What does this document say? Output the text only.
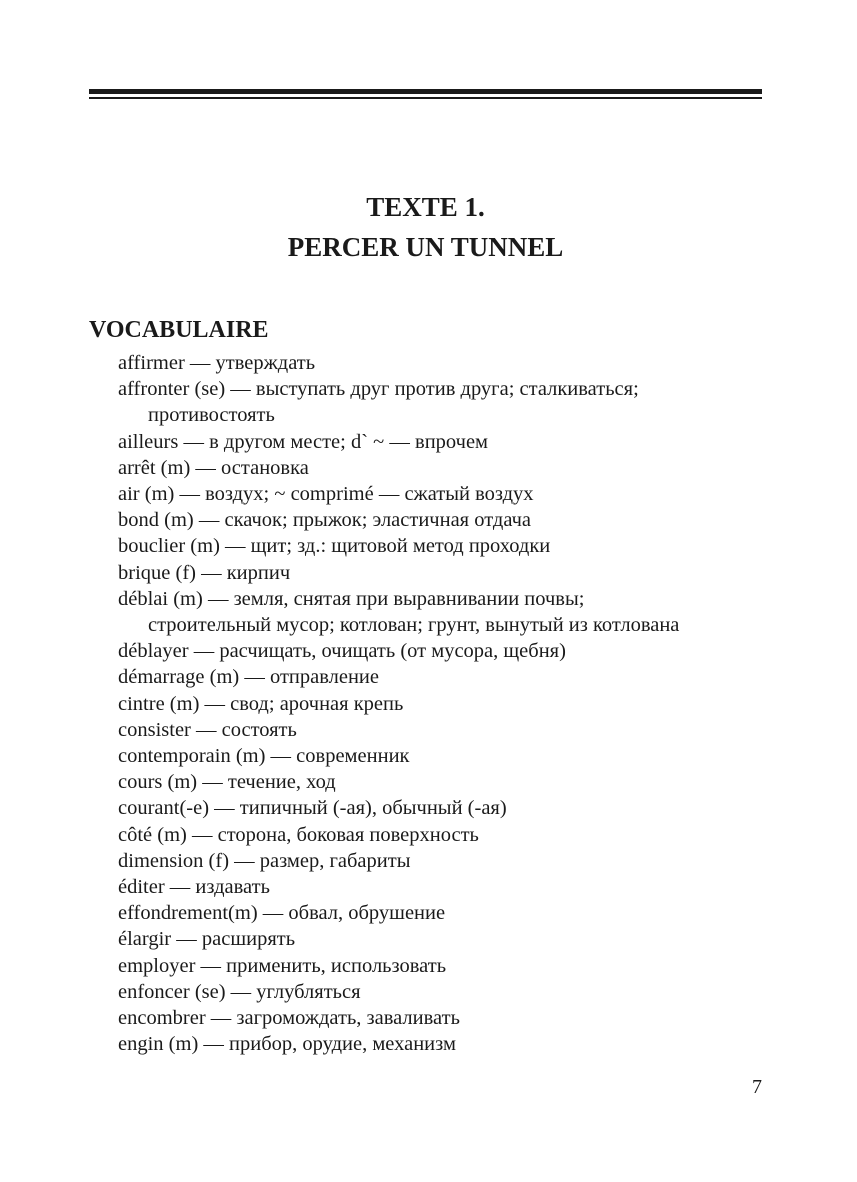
TEXTE 1.
PERCER UN TUNNEL
VOCABULAIRE
affirmer — утверждать
affronter (se) — выступать друг против друга; сталкиваться;
противостоять
ailleurs — в другом месте; d` ~ — впрочем
arrêt (m) — остановка
air (m) — воздух; ~ comprimé — сжатый воздух
bond (m) — скачок; прыжок; эластичная отдача
bouclier (m) — щит; зд.: щитовой метод проходки
brique (f) — кирпич
déblai (m) — земля, снятая при выравнивании почвы;
строительный мусор; котлован; грунт, вынутый из котлована
déblayer — расчищать, очищать (от мусора, щебня)
démarrage (m) — отправление
cintre (m) — свод; арочная крепь
consister — состоять
contemporain (m) — современник
cours (m) — течение, ход
courant(-e) — типичный (-ая), обычный (-ая)
côté (m) — сторона, боковая поверхность
dimension (f) — размер, габариты
éditer — издавать
effondrement(m) — обвал, обрушение
élargir — расширять
employer — применить, использовать
enfoncer (se) — углубляться
encombrer — загромождать, заваливать
engin (m) — прибор, орудие, механизм
7
